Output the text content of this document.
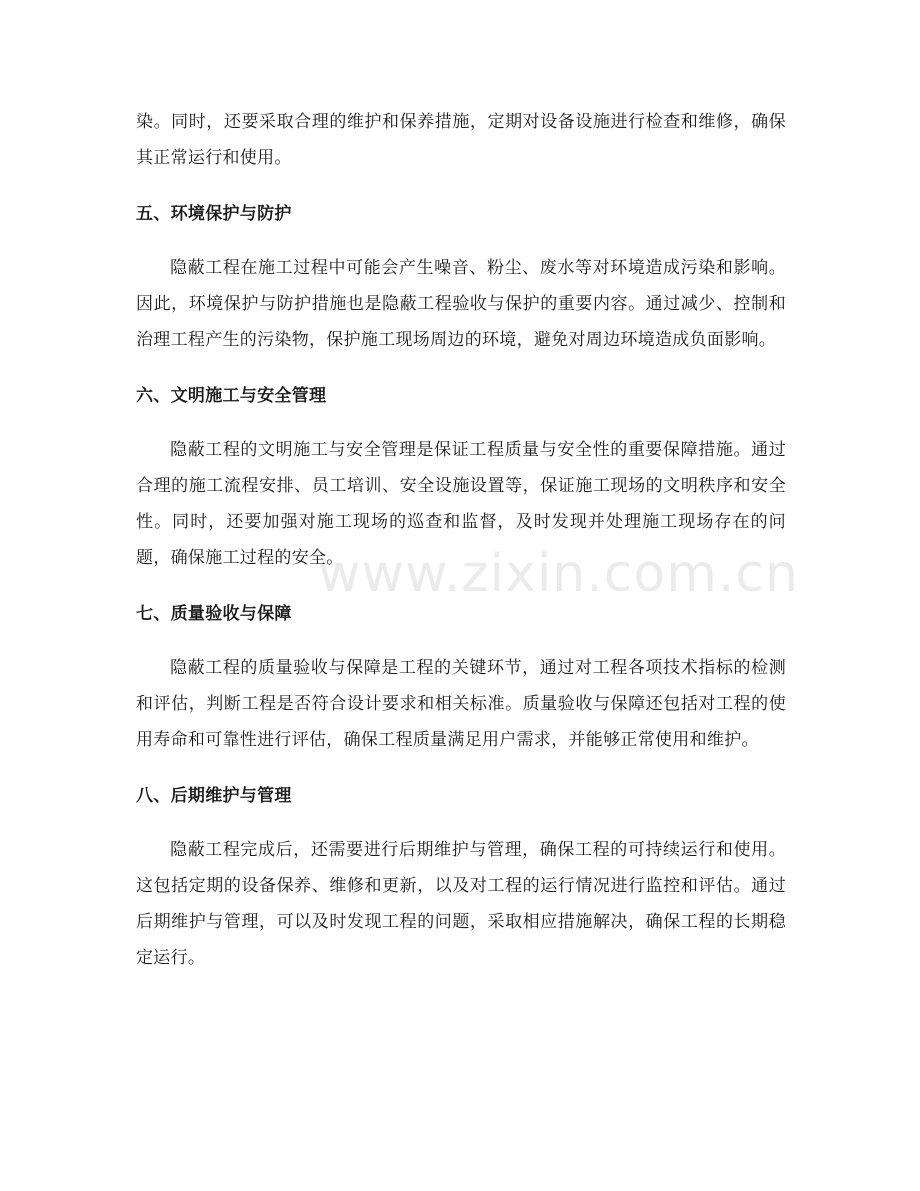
染。同时，还要采取合理的维护和保养措施，定期对设备设施进行检查和维修，确保其正常运行和使用。

五、环境保护与防护

隐蔽工程在施工过程中可能会产生噪音、粉尘、废水等对环境造成污染和影响。因此，环境保护与防护措施也是隐蔽工程验收与保护的重要内容。通过减少、控制和治理工程产生的污染物，保护施工现场周边的环境，避免对周边环境造成负面影响。

六、文明施工与安全管理

隐蔽工程的文明施工与安全管理是保证工程质量与安全性的重要保障措施。通过合理的施工流程安排、员工培训、安全设施设置等，保证施工现场的文明秩序和安全性。同时，还要加强对施工现场的巡查和监督，及时发现并处理施工现场存在的问题，确保施工过程的安全。

七、质量验收与保障

隐蔽工程的质量验收与保障是工程的关键环节，通过对工程各项技术指标的检测和评估，判断工程是否符合设计要求和相关标准。质量验收与保障还包括对工程的使用寿命和可靠性进行评估，确保工程质量满足用户需求，并能够正常使用和维护。

八、后期维护与管理

隐蔽工程完成后，还需要进行后期维护与管理，确保工程的可持续运行和使用。这包括定期的设备保养、维修和更新，以及对工程的运行情况进行监控和评估。通过后期维护与管理，可以及时发现工程的问题，采取相应措施解决，确保工程的长期稳定运行。

www.zixin.com.cn
